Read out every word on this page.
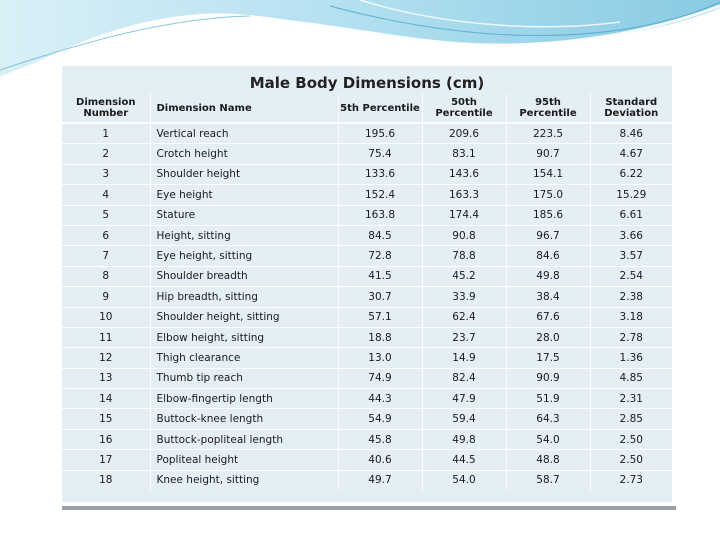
Male Body Dimensions (cm)
Dimension Number	Dimension Name	5th Percentile	50th Percentile	95th Percentile	Standard Deviation
1	Vertical reach	195.6	209.6	223.5	8.46
2	Crotch height	75.4	83.1	90.7	4.67
3	Shoulder height	133.6	143.6	154.1	6.22
4	Eye height	152.4	163.3	175.0	15.29
5	Stature	163.8	174.4	185.6	6.61
6	Height, sitting	84.5	90.8	96.7	3.66
7	Eye height, sitting	72.8	78.8	84.6	3.57
8	Shoulder breadth	41.5	45.2	49.8	2.54
9	Hip breadth, sitting	30.7	33.9	38.4	2.38
10	Shoulder height, sitting	57.1	62.4	67.6	3.18
11	Elbow height, sitting	18.8	23.7	28.0	2.78
12	Thigh clearance	13.0	14.9	17.5	1.36
13	Thumb tip reach	74.9	82.4	90.9	4.85
14	Elbow-fingertip length	44.3	47.9	51.9	2.31
15	Buttock-knee length	54.9	59.4	64.3	2.85
16	Buttock-popliteal length	45.8	49.8	54.0	2.50
17	Popliteal height	40.6	44.5	48.8	2.50
18	Knee height, sitting	49.7	54.0	58.7	2.73
